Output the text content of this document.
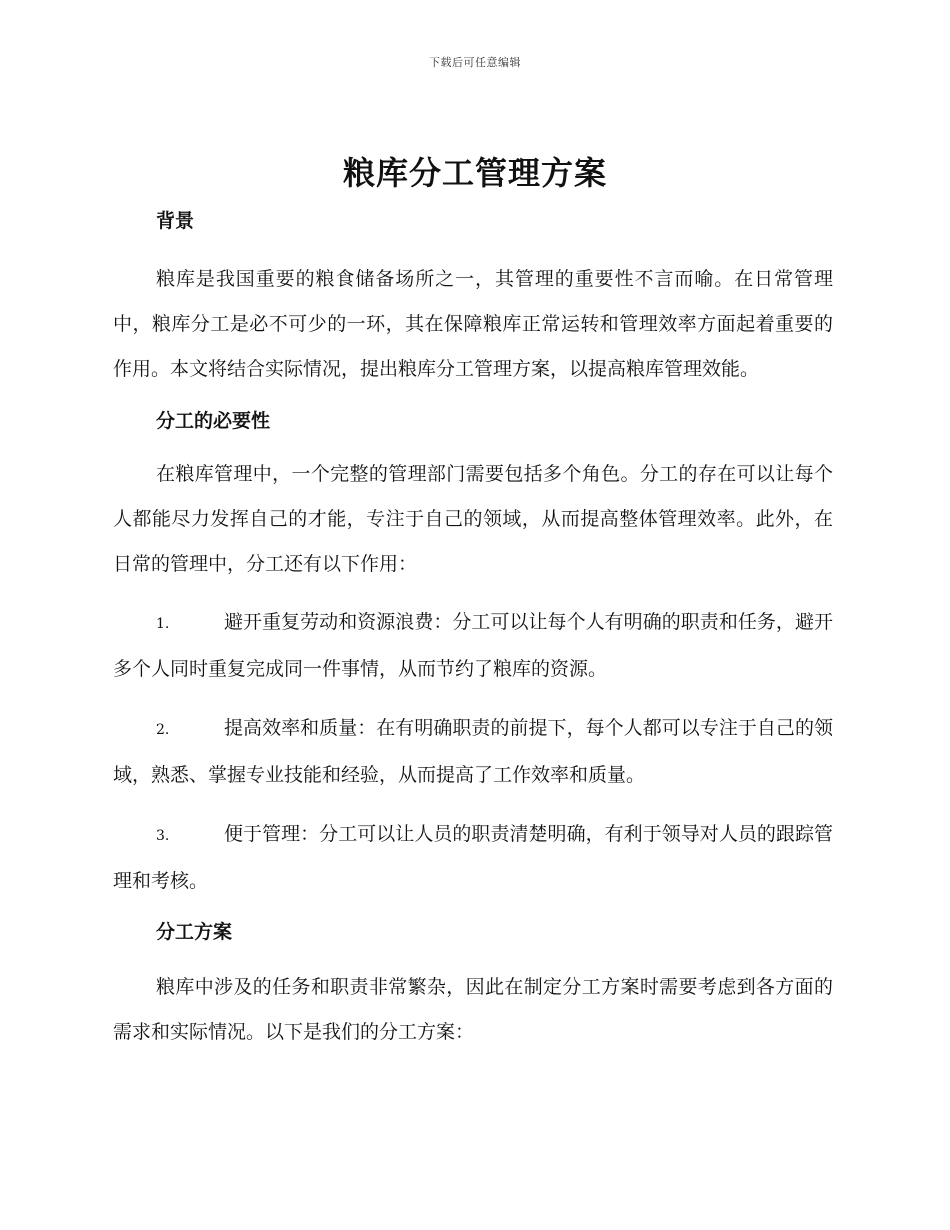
下载后可任意编辑
粮库分工管理方案
背景

粮库是我国重要的粮食储备场所之一，其管理的重要性不言而喻。在日常管理中，粮库分工是必不可少的一环，其在保障粮库正常运转和管理效率方面起着重要的作用。本文将结合实际情况，提出粮库分工管理方案，以提高粮库管理效能。

分工的必要性

在粮库管理中，一个完整的管理部门需要包括多个角色。分工的存在可以让每个人都能尽力发挥自己的才能，专注于自己的领域，从而提高整体管理效率。此外，在日常的管理中，分工还有以下作用：

1.	避开重复劳动和资源浪费：分工可以让每个人有明确的职责和任务，避开多个人同时重复完成同一件事情，从而节约了粮库的资源。

2.	提高效率和质量：在有明确职责的前提下，每个人都可以专注于自己的领域，熟悉、掌握专业技能和经验，从而提高了工作效率和质量。

3.	便于管理：分工可以让人员的职责清楚明确，有利于领导对人员的跟踪管理和考核。

分工方案

粮库中涉及的任务和职责非常繁杂，因此在制定分工方案时需要考虑到各方面的需求和实际情况。以下是我们的分工方案：
